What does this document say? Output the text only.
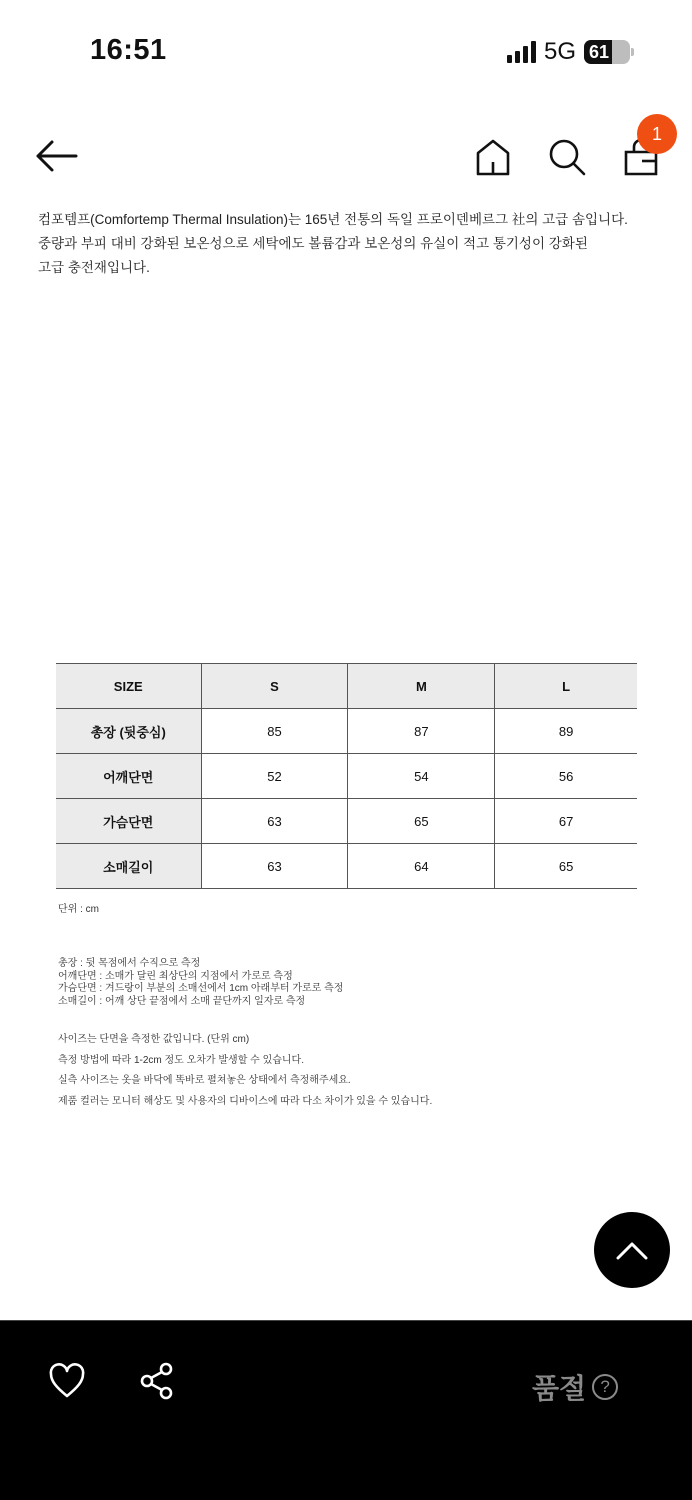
16:51	5G 61
1
컴포템프(Comfortemp Thermal Insulation)는 165년 전통의 독일 프로이덴베르그 社의 고급 솜입니다.
중량과 부피 대비 강화된 보온성으로 세탁에도 볼륨감과 보온성의 유실이 적고 통기성이 강화된
고급 충전재입니다.
SIZE	S	M	L
총장 (뒷중심)	85	87	89
어깨단면	52	54	56
가슴단면	63	65	67
소매길이	63	64	65
단위 : cm
총장 : 뒷 목점에서 수직으로 측정
어깨단면 : 소매가 달린 최상단의 지점에서 가로로 측정
가슴단면 : 겨드랑이 부분의 소매선에서 1cm 아래부터 가로로 측정
소매길이 : 어깨 상단 끝점에서 소매 끝단까지 일자로 측정
사이즈는 단면을 측정한 값입니다. (단위 cm)
측정 방법에 따라 1-2cm 정도 오차가 발생할 수 있습니다.
실측 사이즈는 옷을 바닥에 똑바로 펼쳐놓은 상태에서 측정해주세요.
제품 컬러는 모니터 해상도 및 사용자의 디바이스에 따라 다소 차이가 있을 수 있습니다.
품절 ?
